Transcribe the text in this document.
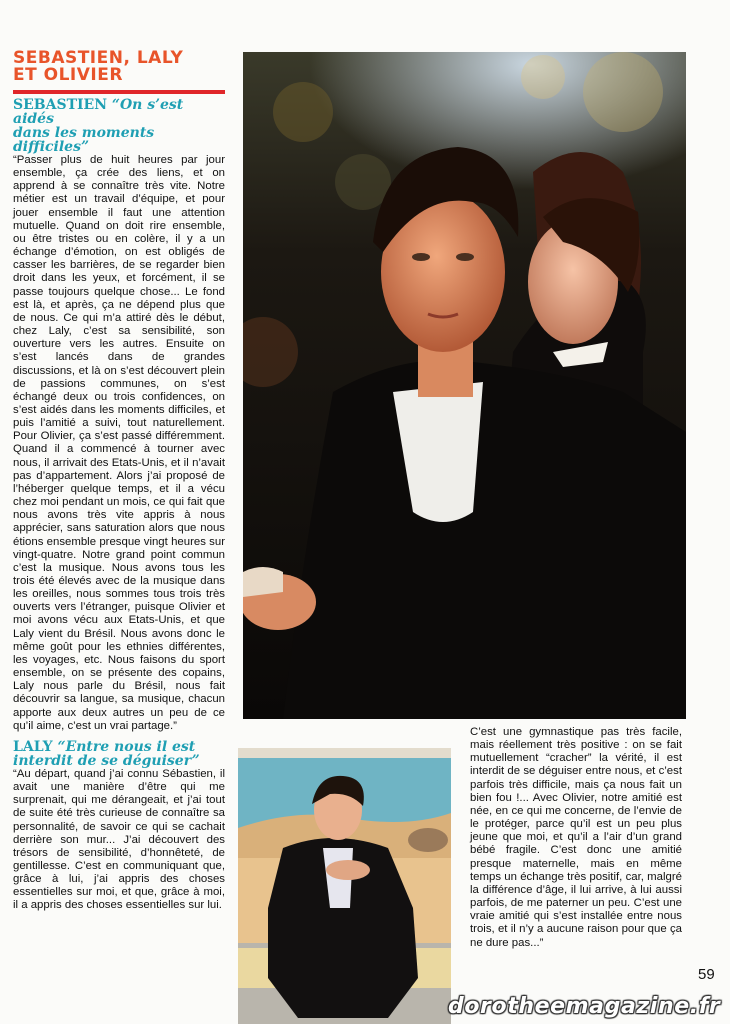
SEBASTIEN, LALY
ET OLIVIER
SEBASTIEN “On s’est aidés
dans les moments difficiles”

“Passer plus de huit heures par jour ensemble, ça crée des liens, et on apprend à se connaître très vite. Notre métier est un travail d’équipe, et pour jouer ensemble il faut une attention mutuelle. Quand on doit rire ensemble, ou être tristes ou en colère, il y a un échange d’émotion, on est obligés de casser les barrières, de se regarder bien droit dans les yeux, et forcément, il se passe toujours quelque chose... Le fond est là, et après, ça ne dépend plus que de nous. Ce qui m’a attiré dès le début, chez Laly, c’est sa sensibilité, son ouverture vers les autres. Ensuite on s’est lancés dans de grandes discussions, et là on s’est découvert plein de passions communes, on s’est échangé deux ou trois confidences, on s’est aidés dans les moments difficiles, et puis l’amitié a suivi, tout naturellement. Pour Olivier, ça s’est passé différemment. Quand il a commencé à tourner avec nous, il arrivait des Etats-Unis, et il n’avait pas d’appartement. Alors j’ai proposé de l’héberger quelque temps, et il a vécu chez moi pendant un mois, ce qui fait que nous avons très vite appris à nous apprécier, sans saturation alors que nous étions ensemble presque vingt heures sur vingt-quatre. Notre grand point commun c’est la musique. Nous avons tous les trois été élevés avec de la musique dans les oreilles, nous sommes tous trois très ouverts vers l’étranger, puisque Olivier et moi avons vécu aux Etats-Unis, et que Laly vient du Brésil. Nous avons donc le même goût pour les ethnies différentes, les voyages, etc. Nous faisons du sport ensemble, on se présente des copains, Laly nous parle du Brésil, nous fait découvrir sa langue, sa musique, chacun apporte aux deux autres un peu de ce qu’il aime, c’est un vrai partage.”

LALY “Entre nous il est
interdit de se déguiser”

“Au départ, quand j’ai connu Sébastien, il avait une manière d’être qui me surprenait, qui me dérangeait, et j’ai tout de suite été très curieuse de connaître sa personnalité, de savoir ce qui se cachait derrière son mur... J’ai découvert des trésors de sensibilité, d’honnêteté, de gentillesse. C’est en communiquant que, grâce à lui, j’ai appris des choses essentielles sur moi, et que, grâce à moi, il a appris des choses essentielles sur lui.

C’est une gymnastique pas très facile, mais réellement très positive : on se fait mutuellement “cracher” la vérité, il est interdit de se déguiser entre nous, et c’est parfois très difficile, mais ça nous fait un bien fou !... Avec Olivier, notre amitié est née, en ce qui me concerne, de l’envie de le protéger, parce qu’il est un peu plus jeune que moi, et qu’il a l’air d’un grand bébé fragile. C’est donc une amitié presque maternelle, mais en même temps un échange très positif, car, malgré la différence d’âge, il lui arrive, à lui aussi parfois, de me paterner un peu. C’est une vraie amitié qui s’est installée entre nous trois, et il n’y a aucune raison pour que ça ne dure pas...”

59
dorotheemagazine.fr
